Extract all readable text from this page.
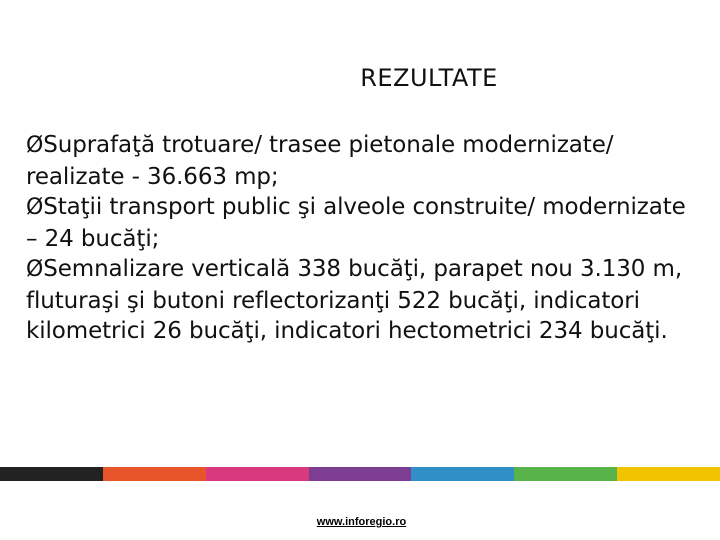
REZULTATE
ØSuprafaţă trotuare/ trasee pietonale modernizate/ realizate - 36.663 mp;
ØStaţii transport public şi alveole construite/ modernizate – 24 bucăţi;
ØSemnalizare verticală 338 bucăţi, parapet nou 3.130 m, fluturaşi şi butoni reflectorizanţi 522 bucăţi, indicatori kilometrici 26 bucăţi, indicatori hectometrici 234 bucăţi.
www.inforegio.ro
